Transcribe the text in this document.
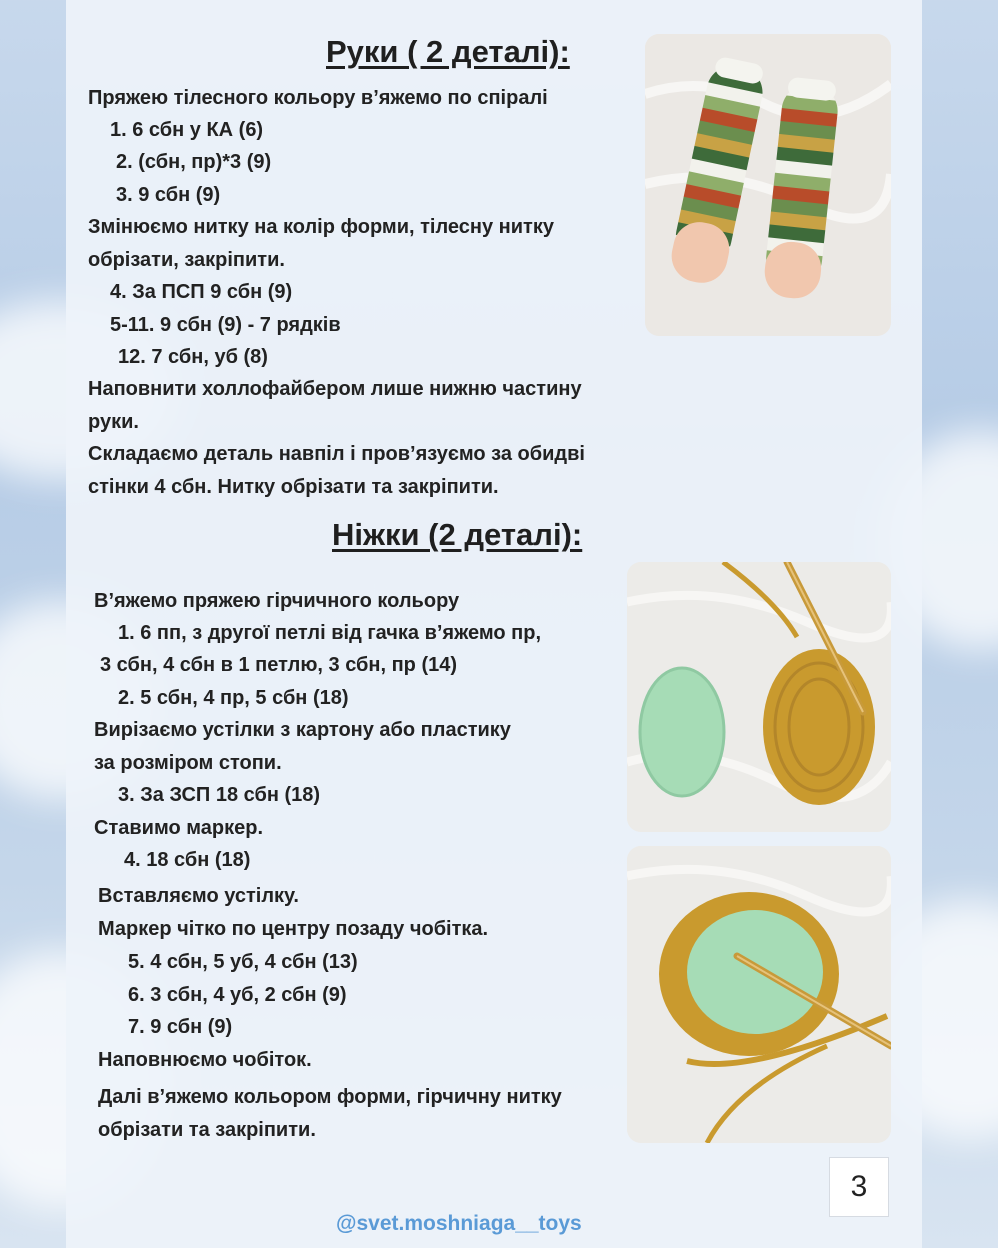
Руки ( 2 деталі):
Пряжею тілесного кольору в’яжемо по спіралі
1. 6 сбн у КА (6)
2. (сбн, пр)*3 (9)
3. 9 сбн (9)
Змінюємо нитку на колір форми, тілесну нитку
обрізати, закріпити.
4. За ПСП 9 сбн (9)
5-11. 9 сбн (9) - 7 рядків
12. 7 сбн, уб (8)
Наповнити холлофайбером лише нижню частину
руки.
Складаємо деталь навпіл і пров’язуємо за обидві
стінки 4 сбн. Нитку обрізати та закріпити.
Ніжки (2 деталі):
В’яжемо пряжею гірчичного кольору
1. 6 пп, з другої петлі від гачка в’яжемо пр,
3 сбн, 4 сбн в 1 петлю, 3 сбн, пр (14)
2. 5 сбн, 4 пр, 5 сбн (18)
Вирізаємо устілки з картону або пластику
за розміром стопи.
3. За ЗСП 18 сбн (18)
Ставимо маркер.
4. 18 сбн (18)
Вставляємо устілку.
Маркер чітко по центру позаду чобітка.
5. 4 сбн, 5 уб, 4 сбн (13)
6. 3 сбн, 4 уб, 2 сбн (9)
7. 9 сбн (9)
Наповнюємо чобіток.
Далі в’яжемо кольором форми, гірчичну нитку
обрізати та закріпити.
3
@svet.moshniaga__toys
